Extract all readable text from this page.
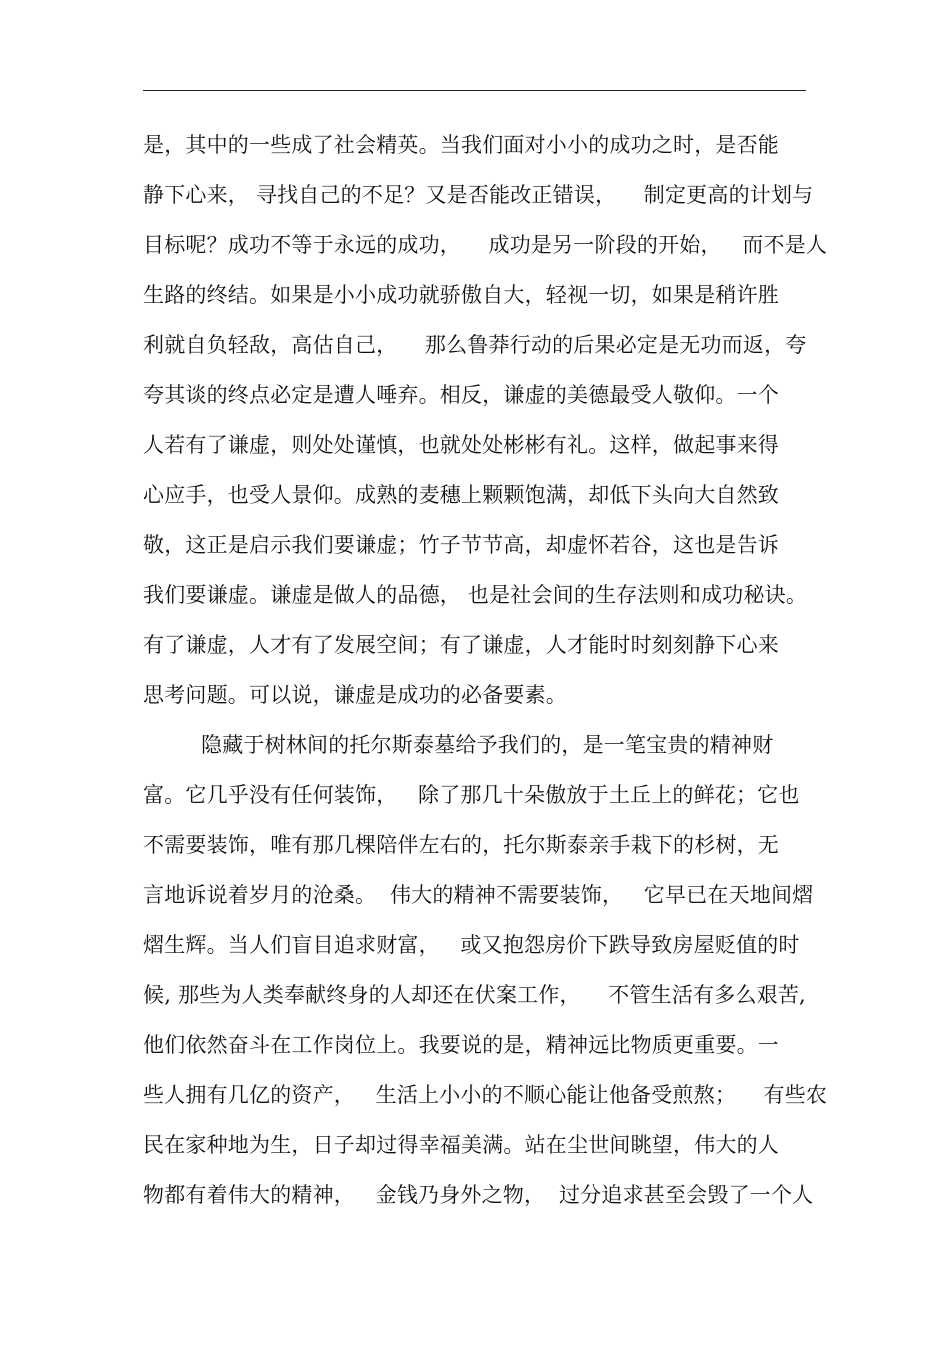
是，其中的一些成了社会精英。当我们面对小小的成功之时，是否能
静下心来， 寻找自己的不足？又是否能改正错误，    制定更高的计划与
目标呢？成功不等于永远的成功，    成功是另一阶段的开始，   而不是人
生路的终结。如果是小小成功就骄傲自大，轻视一切，如果是稍许胜
利就自负轻敌，高估自己，    那么鲁莽行动的后果必定是无功而返，夸
夸其谈的终点必定是遭人唾弃。相反，谦虚的美德最受人敬仰。一个
人若有了谦虚，则处处谨慎，也就处处彬彬有礼。这样，做起事来得
心应手，也受人景仰。成熟的麦穗上颗颗饱满，却低下头向大自然致
敬，这正是启示我们要谦虚；竹子节节高，却虚怀若谷，这也是告诉
我们要谦虚。谦虚是做人的品德， 也是社会间的生存法则和成功秘诀。
有了谦虚，人才有了发展空间；有了谦虚，人才能时时刻刻静下心来
思考问题。可以说，谦虚是成功的必备要素。
隐藏于树林间的托尔斯泰墓给予我们的，是一笔宝贵的精神财
富。它几乎没有任何装饰，   除了那几十朵傲放于土丘上的鲜花；它也
不需要装饰，唯有那几棵陪伴左右的，托尔斯泰亲手栽下的杉树，无
言地诉说着岁月的沧桑。  伟大的精神不需要装饰，   它早已在天地间熠
熠生辉。当人们盲目追求财富，   或又抱怨房价下跌导致房屋贬值的时
候, 那些为人类奉献终身的人却还在伏案工作，    不管生活有多么艰苦,
他们依然奋斗在工作岗位上。我要说的是，精神远比物质更重要。一
些人拥有几亿的资产，   生活上小小的不顺心能让他备受煎熬；    有些农
民在家种地为生，日子却过得幸福美满。站在尘世间眺望，伟大的人
物都有着伟大的精神，   金钱乃身外之物，  过分追求甚至会毁了一个人
